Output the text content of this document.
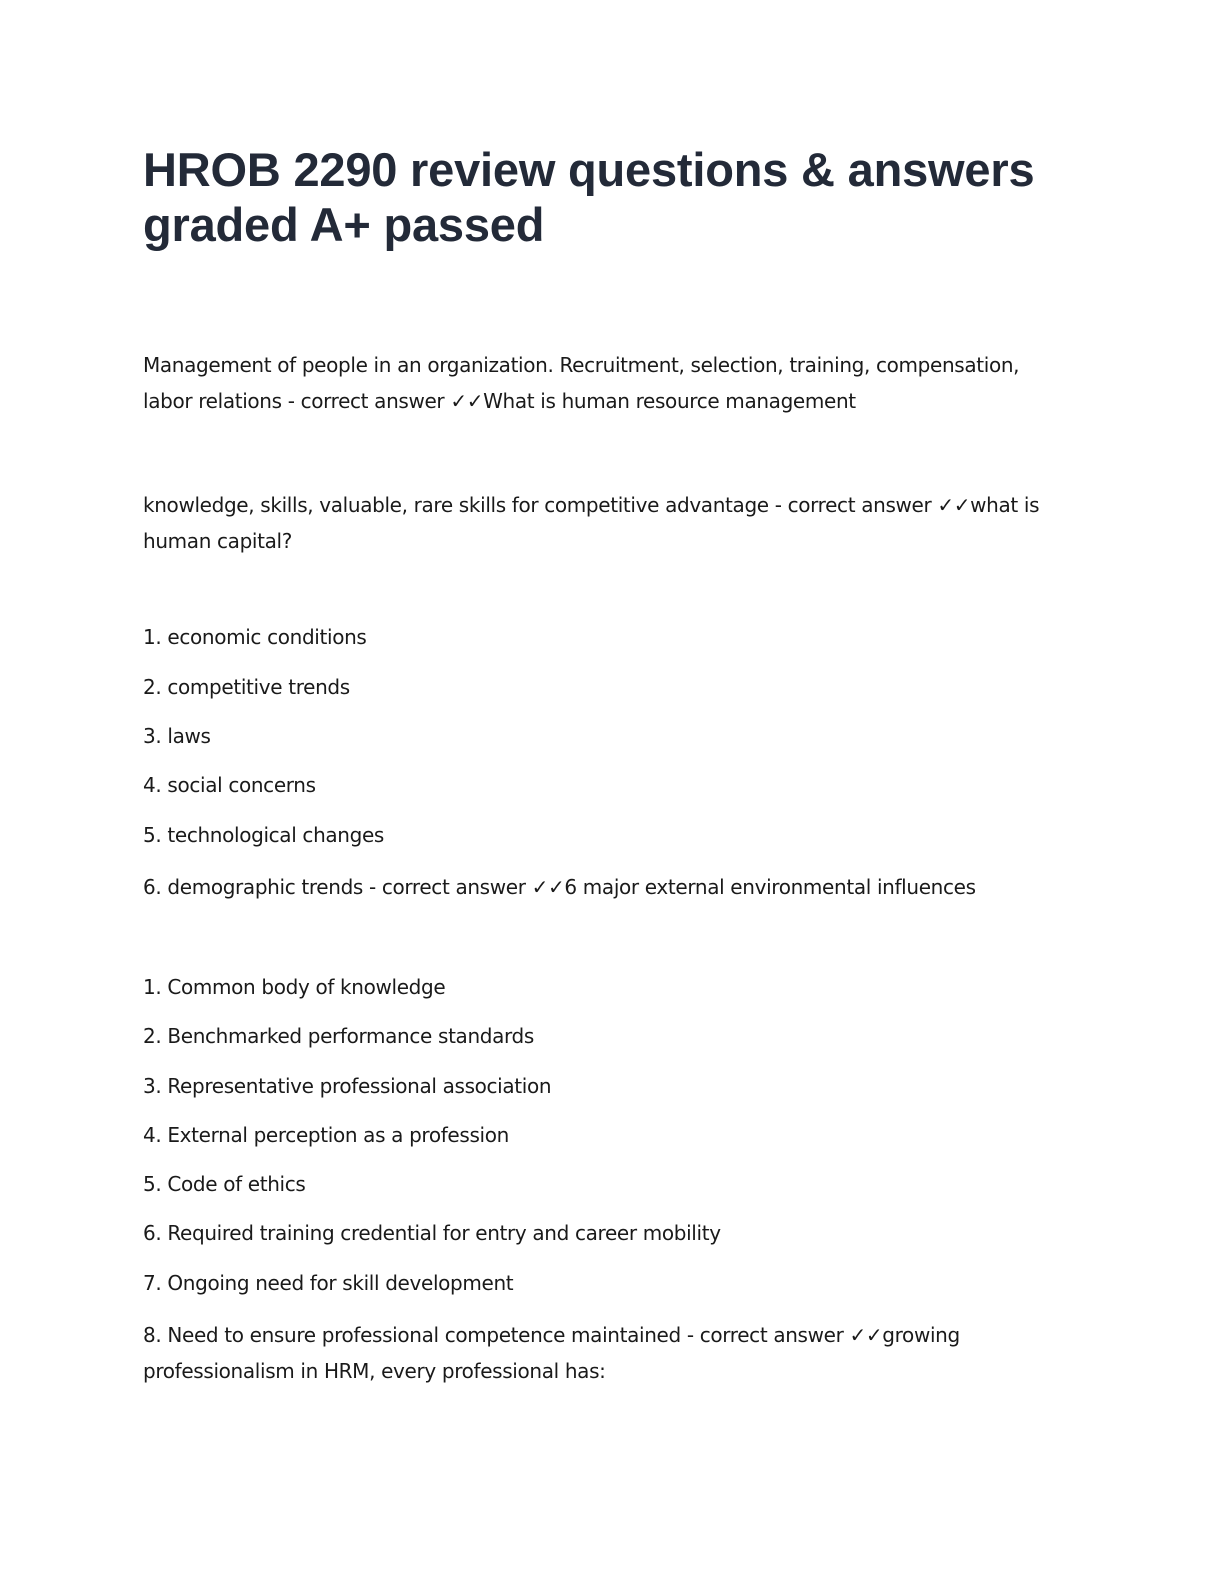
HROB 2290 review questions & answers graded A+ passed

Management of people in an organization. Recruitment, selection, training, compensation, labor relations - correct answer ✓✓What is human resource management

knowledge, skills, valuable, rare skills for competitive advantage - correct answer ✓✓what is human capital?

1. economic conditions

2. competitive trends

3. laws

4. social concerns

5. technological changes

6. demographic trends - correct answer ✓✓6 major external environmental influences

1. Common body of knowledge

2. Benchmarked performance standards

3. Representative professional association

4. External perception as a profession

5. Code of ethics

6. Required training credential for entry and career mobility

7. Ongoing need for skill development

8. Need to ensure professional competence maintained - correct answer ✓✓growing professionalism in HRM, every professional has:
